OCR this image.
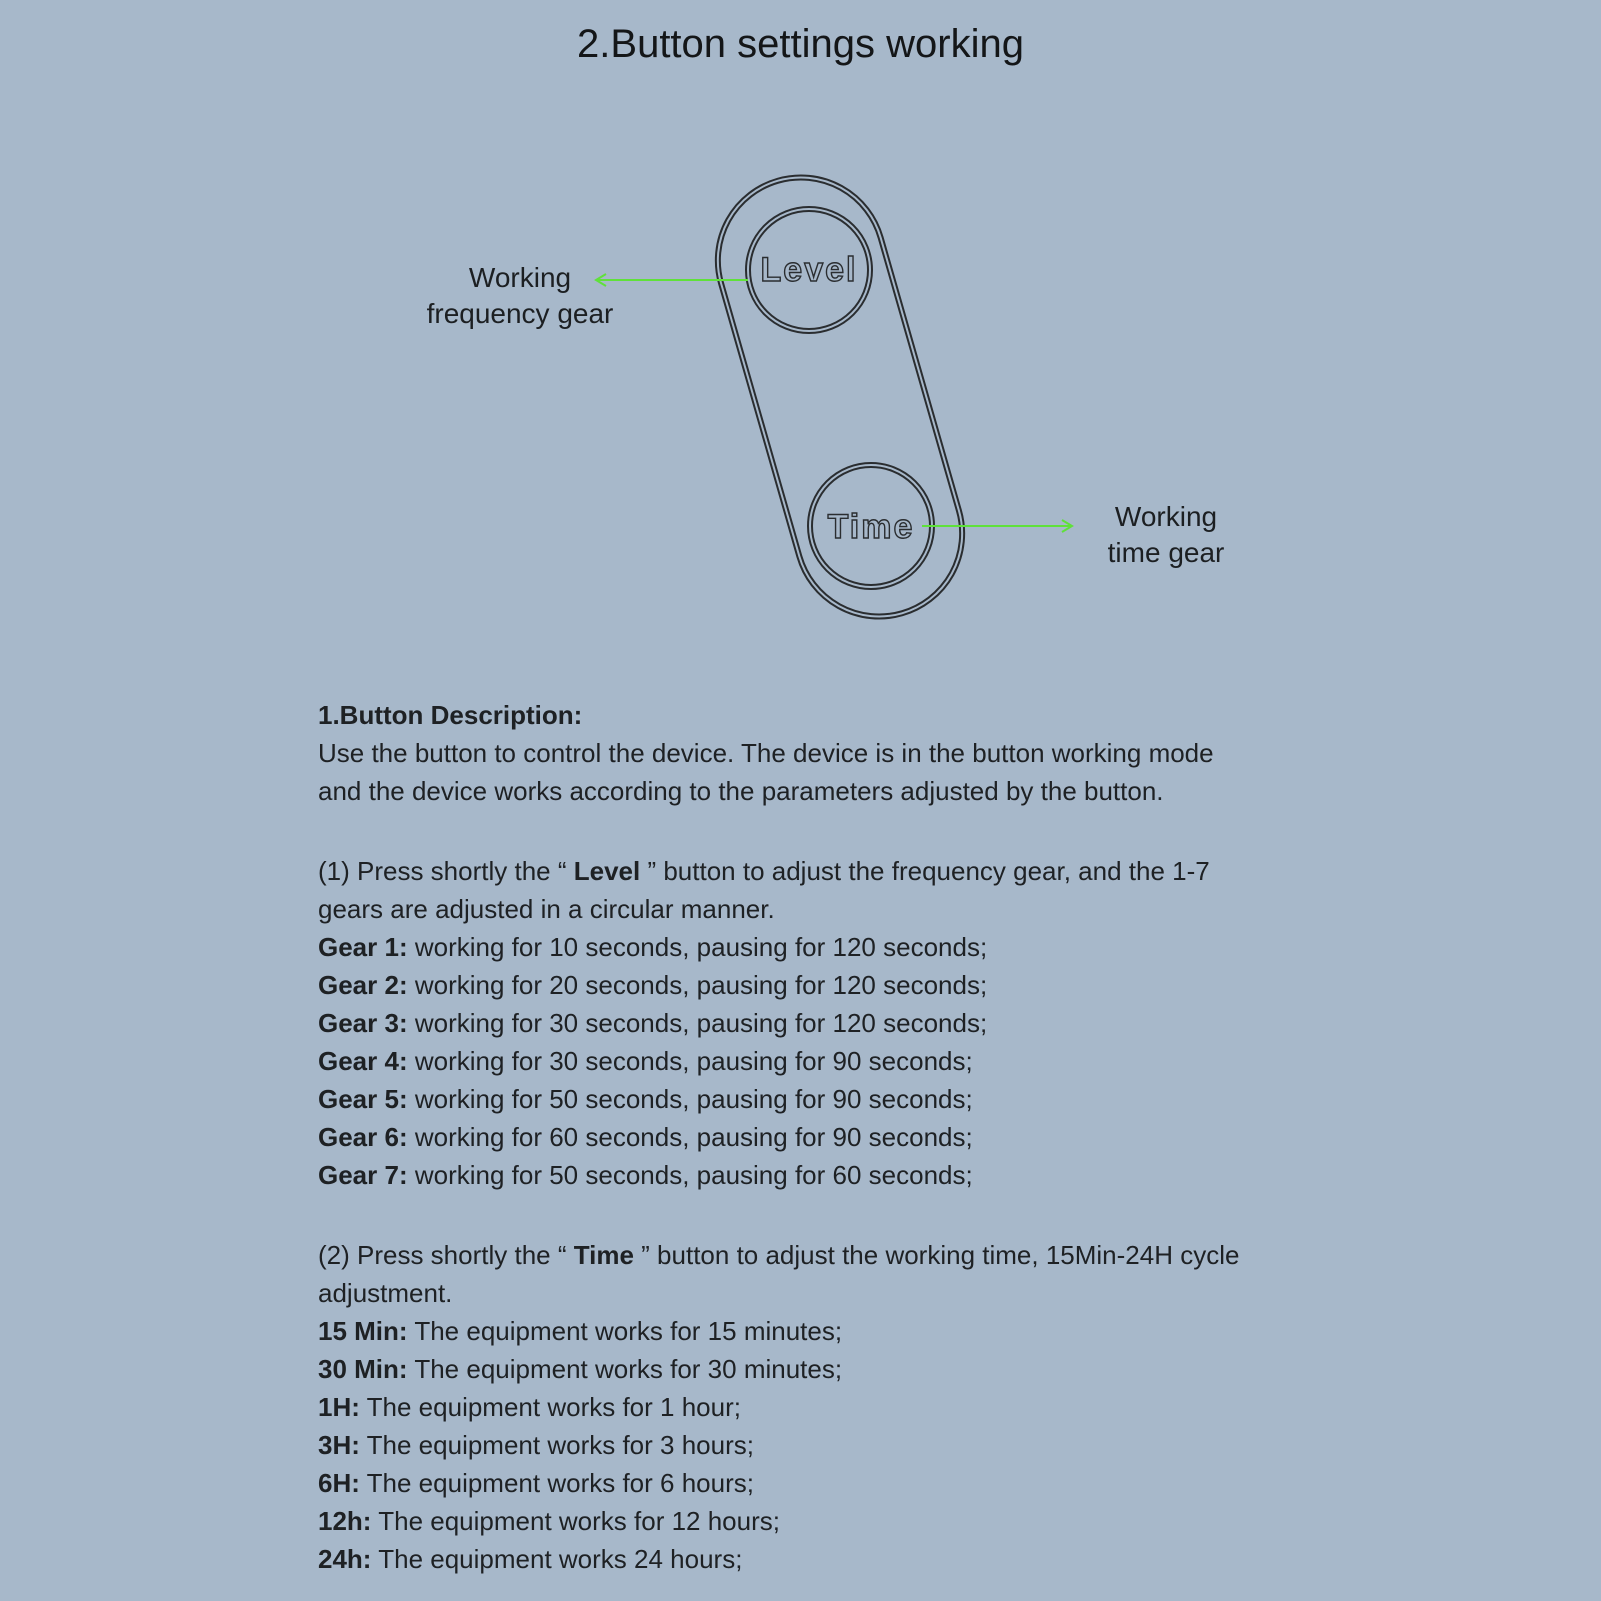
2.Button settings working
Level
Time
Working
frequency gear
Working
time gear

1.Button Description:

Use the button to control the device. The device is in the button working mode

and the device works according to the parameters adjusted by the button.

(1) Press shortly the “ Level ” button to adjust the frequency gear, and the 1-7

gears are adjusted in a circular manner.

Gear 1: working for 10 seconds, pausing for 120 seconds;

Gear 2: working for 20 seconds, pausing for 120 seconds;

Gear 3: working for 30 seconds, pausing for 120 seconds;

Gear 4: working for 30 seconds, pausing for 90 seconds;

Gear 5: working for 50 seconds, pausing for 90 seconds;

Gear 6: working for 60 seconds, pausing for 90 seconds;

Gear 7: working for 50 seconds, pausing for 60 seconds;

(2) Press shortly the “ Time ” button to adjust the working time, 15Min-24H cycle

adjustment.

15 Min: The equipment works for 15 minutes;

30 Min: The equipment works for 30 minutes;

1H: The equipment works for 1 hour;

3H: The equipment works for 3 hours;

6H: The equipment works for 6 hours;

12h: The equipment works for 12 hours;

24h: The equipment works 24 hours;
